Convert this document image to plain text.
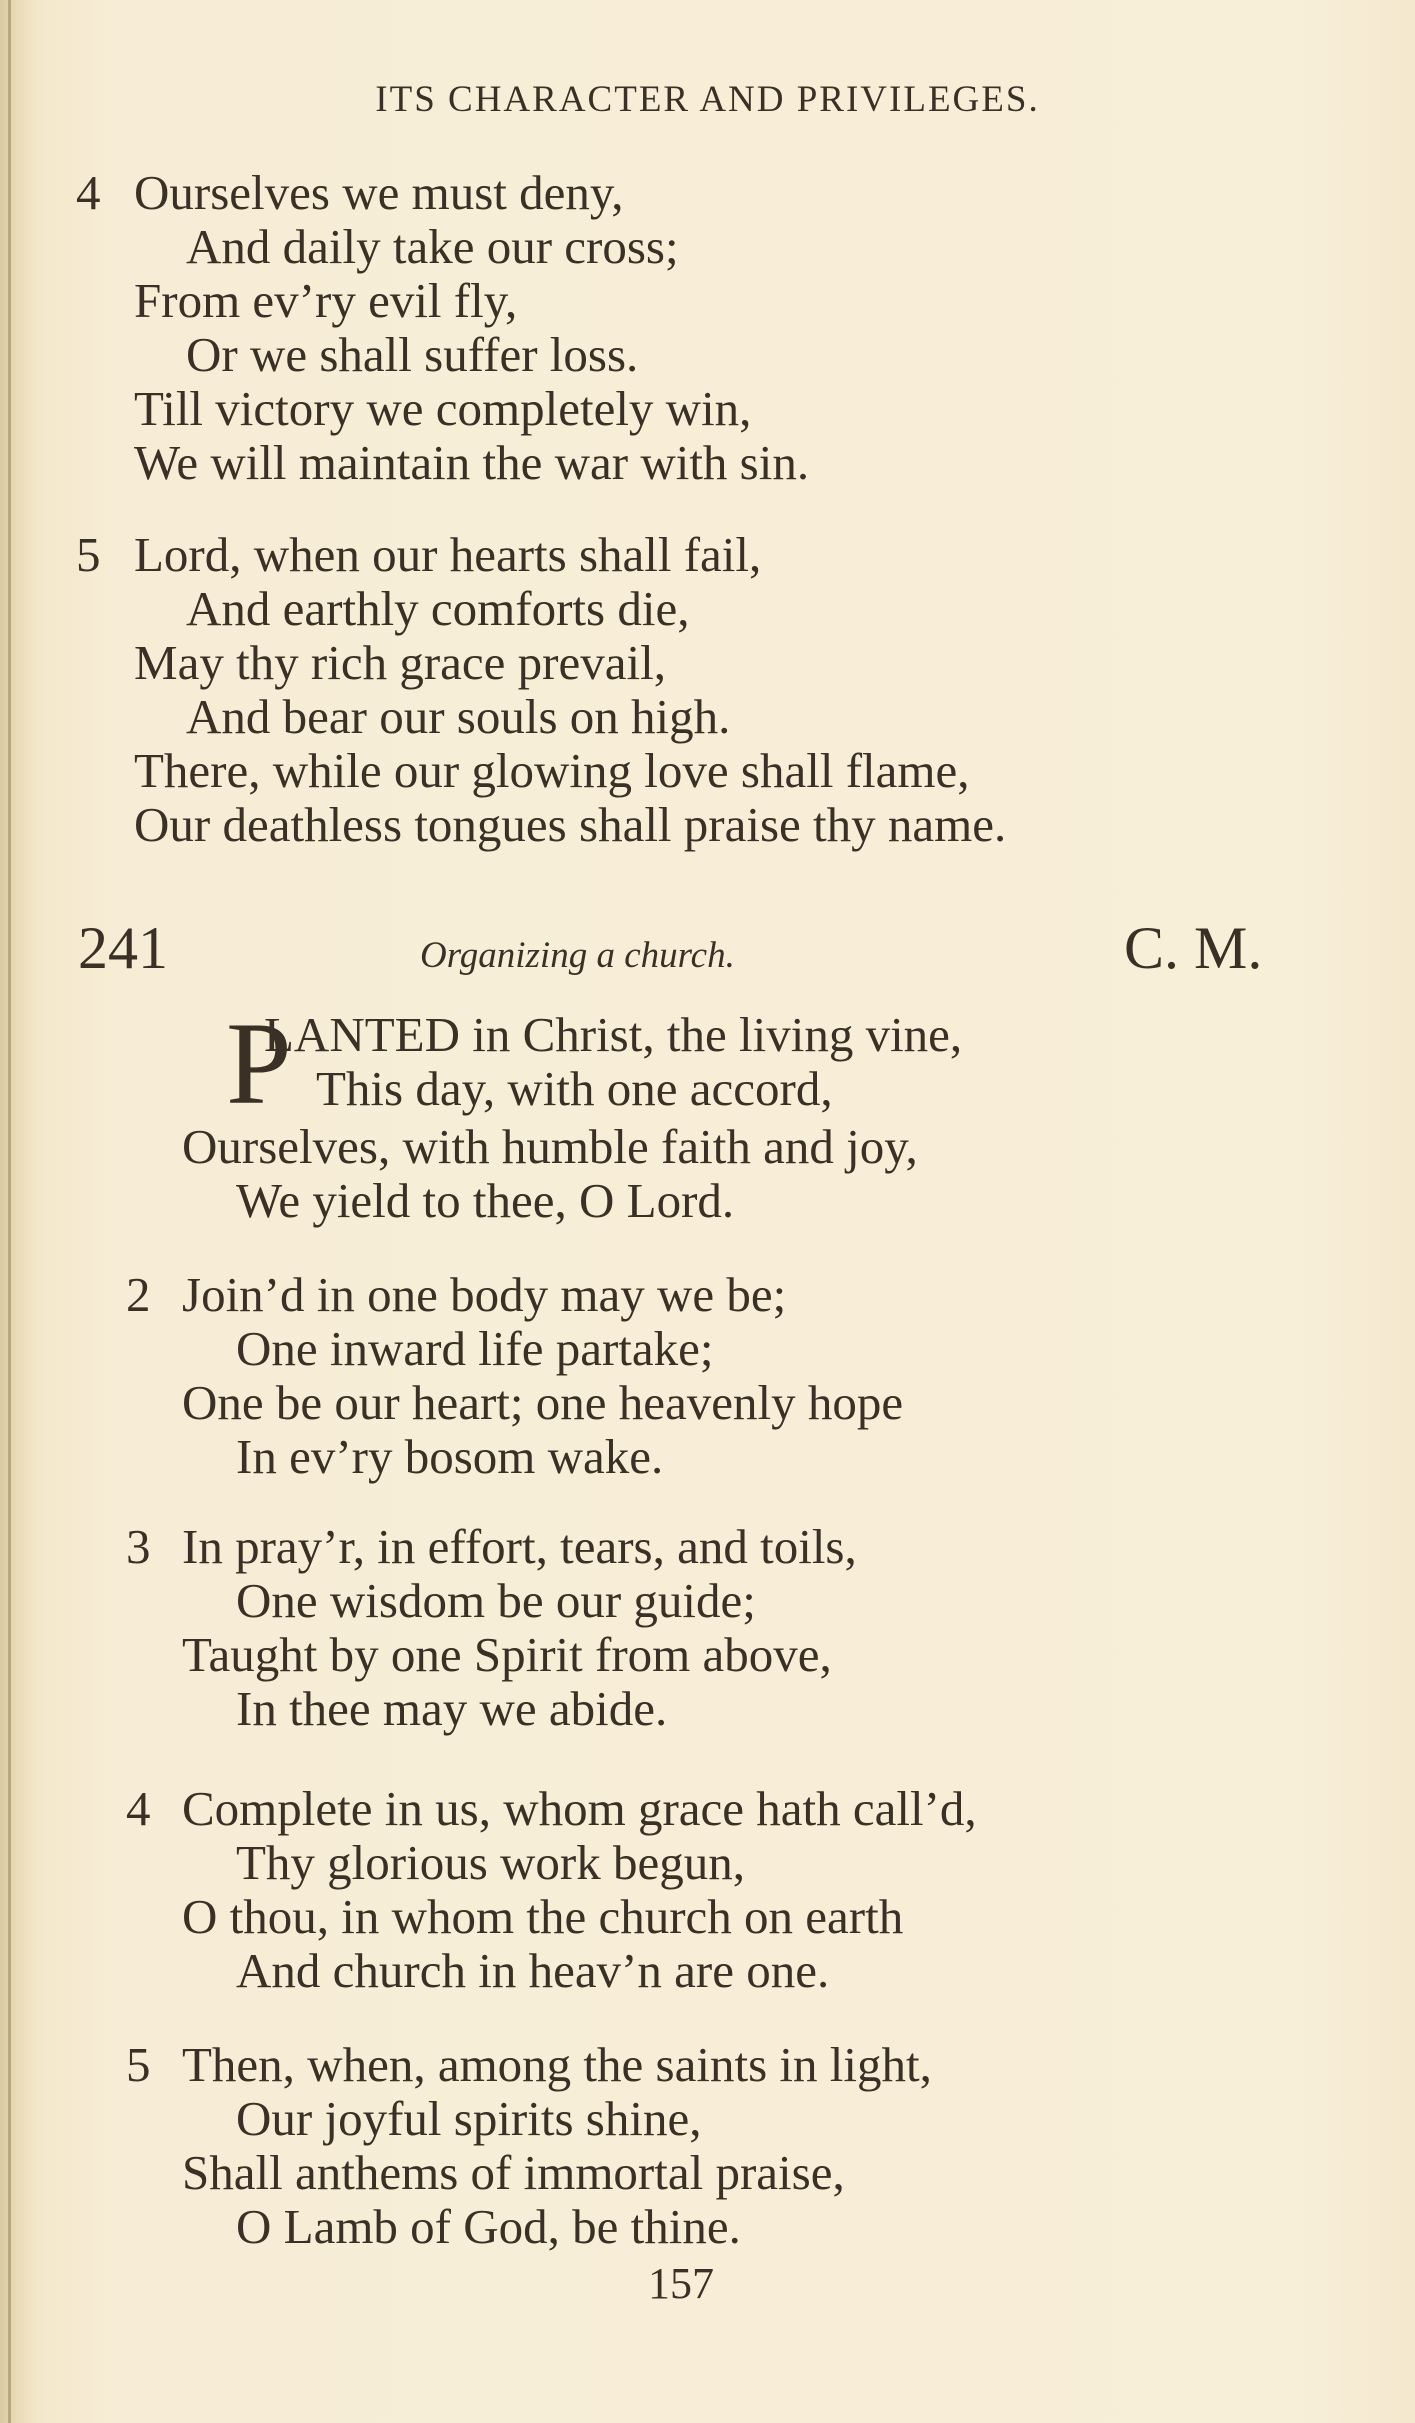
ITS CHARACTER AND PRIVILEGES.
4 Ourselves we must deny,
And daily take our cross;
From ev’ry evil fly,
Or we shall suffer loss.
Till victory we completely win,
We will maintain the war with sin.
5 Lord, when our hearts shall fail,
And earthly comforts die,
May thy rich grace prevail,
And bear our souls on high.
There, while our glowing love shall flame,
Our deathless tongues shall praise thy name.
241	Organizing a church.	C. M.
P
LANTED in Christ, the living vine,
This day, with one accord,
Ourselves, with humble faith and joy,
We yield to thee, O Lord.
2 Join’d in one body may we be;
One inward life partake;
One be our heart; one heavenly hope
In ev’ry bosom wake.
3 In pray’r, in effort, tears, and toils,
One wisdom be our guide;
Taught by one Spirit from above,
In thee may we abide.
4 Complete in us, whom grace hath call’d,
Thy glorious work begun,
O thou, in whom the church on earth
And church in heav’n are one.
5 Then, when, among the saints in light,
Our joyful spirits shine,
Shall anthems of immortal praise,
O Lamb of God, be thine.
157
